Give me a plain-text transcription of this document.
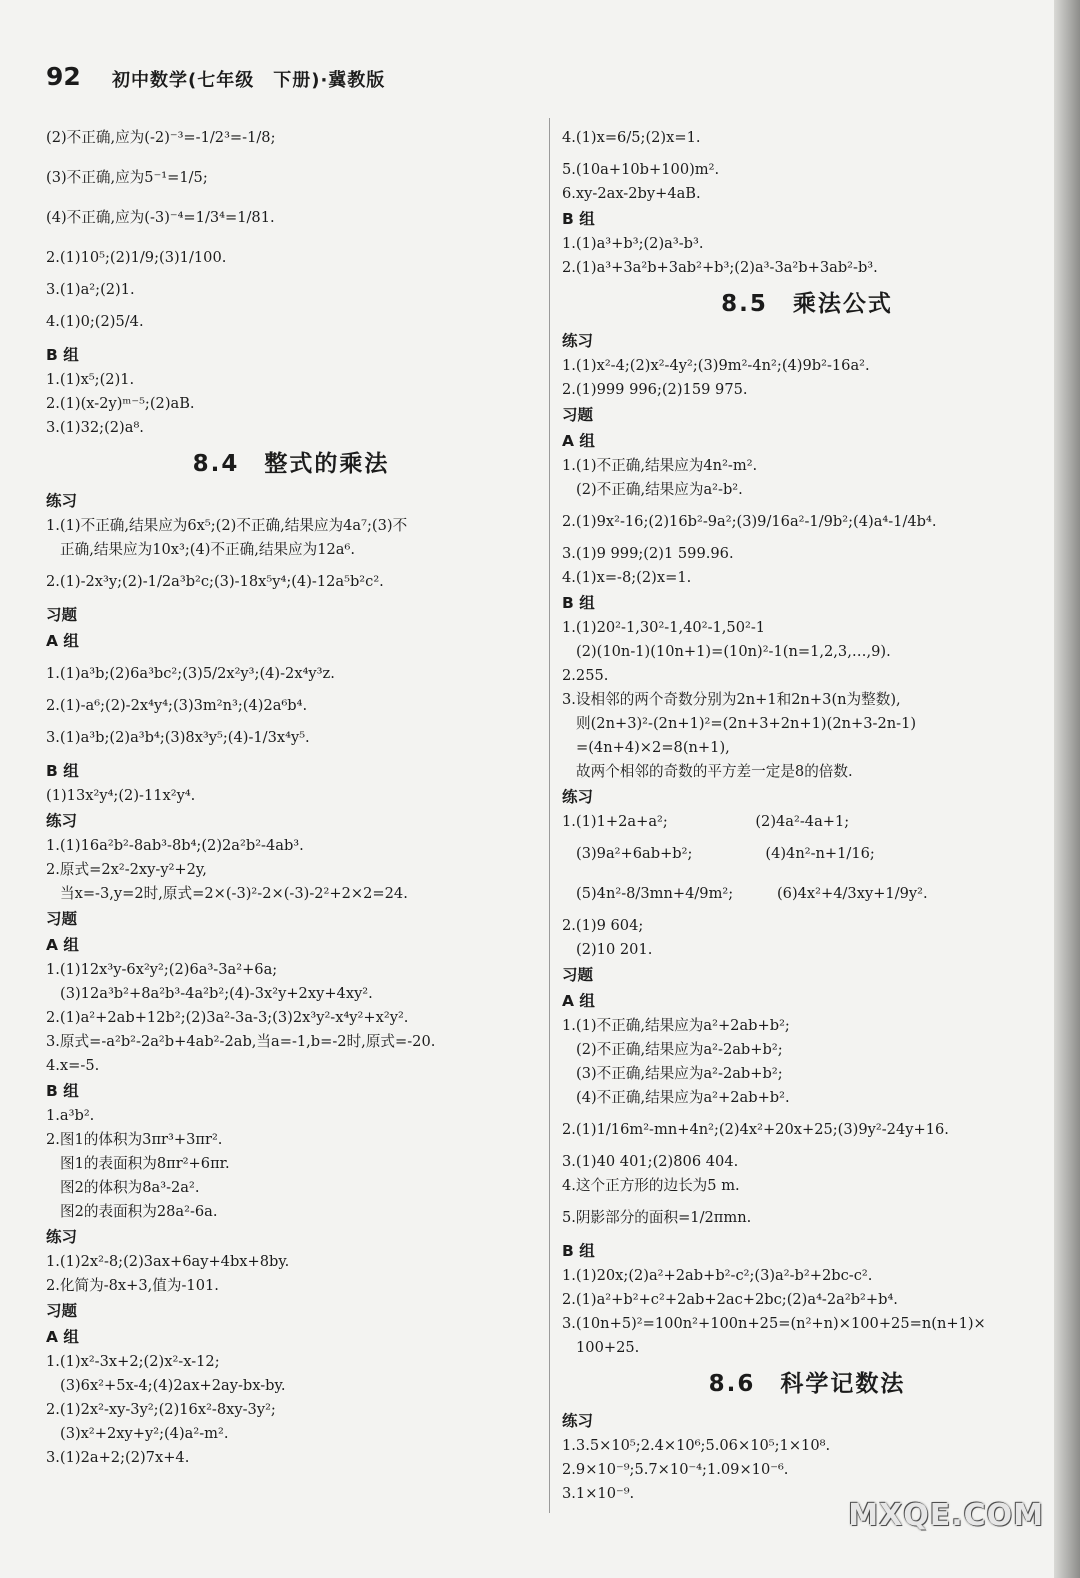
92 初中数学(七年级　下册)·冀教版
(2)不正确,应为(-2)⁻³=-1/2³=-1/8;
(3)不正确,应为5⁻¹=1/5;
(4)不正确,应为(-3)⁻⁴=1/3⁴=1/81.
2.(1)10⁵;(2)1/9;(3)1/100.
3.(1)a²;(2)1.
4.(1)0;(2)5/4.
B 组
1.(1)x⁵;(2)1.
2.(1)(x-2y)ᵐ⁻⁵;(2)aB.
3.(1)32;(2)a⁸.
8.4　整式的乘法
练习
1.(1)不正确,结果应为6x⁵;(2)不正确,结果应为4a⁷;(3)不
正确,结果应为10x³;(4)不正确,结果应为12a⁶.
2.(1)-2x³y;(2)-1/2a³b²c;(3)-18x⁵y⁴;(4)-12a⁵b²c².
习题
A 组
1.(1)a³b;(2)6a³bc²;(3)5/2x²y³;(4)-2x⁴y³z.
2.(1)-a⁶;(2)-2x⁴y⁴;(3)3m²n³;(4)2a⁶b⁴.
3.(1)a³b;(2)a³b⁴;(3)8x³y⁵;(4)-1/3x⁴y⁵.
B 组
(1)13x²y⁴;(2)-11x²y⁴.
练习
1.(1)16a²b²-8ab³-8b⁴;(2)2a²b²-4ab³.
2.原式=2x²-2xy-y²+2y,
当x=-3,y=2时,原式=2×(-3)²-2×(-3)-2²+2×2=24.
习题
A 组
1.(1)12x³y-6x²y²;(2)6a³-3a²+6a;
(3)12a³b²+8a²b³-4a²b²;(4)-3x²y+2xy+4xy².
2.(1)a²+2ab+12b²;(2)3a²-3a-3;(3)2x³y²-x⁴y²+x²y².
3.原式=-a²b²-2a²b+4ab²-2ab,当a=-1,b=-2时,原式=-20.
4.x=-5.
B 组
1.a³b².
2.图1的体积为3πr³+3πr².
图1的表面积为8πr²+6πr.
图2的体积为8a³-2a².
图2的表面积为28a²-6a.
练习
1.(1)2x²-8;(2)3ax+6ay+4bx+8by.
2.化简为-8x+3,值为-101.
习题
A 组
1.(1)x²-3x+2;(2)x²-x-12;
(3)6x²+5x-4;(4)2ax+2ay-bx-by.
2.(1)2x²-xy-3y²;(2)16x²-8xy-3y²;
(3)x²+2xy+y²;(4)a²-m².
3.(1)2a+2;(2)7x+4.
4.(1)x=6/5;(2)x=1.
5.(10a+10b+100)m².
6.xy-2ax-2by+4aB.
B 组
1.(1)a³+b³;(2)a³-b³.
2.(1)a³+3a²b+3ab²+b³;(2)a³-3a²b+3ab²-b³.
8.5　乘法公式
练习
1.(1)x²-4;(2)x²-4y²;(3)9m²-4n²;(4)9b²-16a².
2.(1)999 996;(2)159 975.
习题
A 组
1.(1)不正确,结果应为4n²-m².
(2)不正确,结果应为a²-b².
2.(1)9x²-16;(2)16b²-9a²;(3)9/16a²-1/9b²;(4)a⁴-1/4b⁴.
3.(1)9 999;(2)1 599.96.
4.(1)x=-8;(2)x=1.
B 组
1.(1)20²-1,30²-1,40²-1,50²-1
(2)(10n-1)(10n+1)=(10n)²-1(n=1,2,3,…,9).
2.255.
3.设相邻的两个奇数分别为2n+1和2n+3(n为整数),
则(2n+3)²-(2n+1)²=(2n+3+2n+1)(2n+3-2n-1)
=(4n+4)×2=8(n+1),
故两个相邻的奇数的平方差一定是8的倍数.
练习
1.(1)1+2a+a²;　　　　　　(2)4a²-4a+1;
(3)9a²+6ab+b²;　　　　　(4)4n²-n+1/16;
(5)4n²-8/3mn+4/9m²;　　　(6)4x²+4/3xy+1/9y².
2.(1)9 604;
(2)10 201.
习题
A 组
1.(1)不正确,结果应为a²+2ab+b²;
(2)不正确,结果应为a²-2ab+b²;
(3)不正确,结果应为a²-2ab+b²;
(4)不正确,结果应为a²+2ab+b².
2.(1)1/16m²-mn+4n²;(2)4x²+20x+25;(3)9y²-24y+16.
3.(1)40 401;(2)806 404.
4.这个正方形的边长为5 m.
5.阴影部分的面积=1/2πmn.
B 组
1.(1)20x;(2)a²+2ab+b²-c²;(3)a²-b²+2bc-c².
2.(1)a²+b²+c²+2ab+2ac+2bc;(2)a⁴-2a²b²+b⁴.
3.(10n+5)²=100n²+100n+25=(n²+n)×100+25=n(n+1)×
100+25.
8.6　科学记数法
练习
1.3.5×10⁵;2.4×10⁶;5.06×10⁵;1×10⁸.
2.9×10⁻⁹;5.7×10⁻⁴;1.09×10⁻⁶.
3.1×10⁻⁹.
MXQE.COM
